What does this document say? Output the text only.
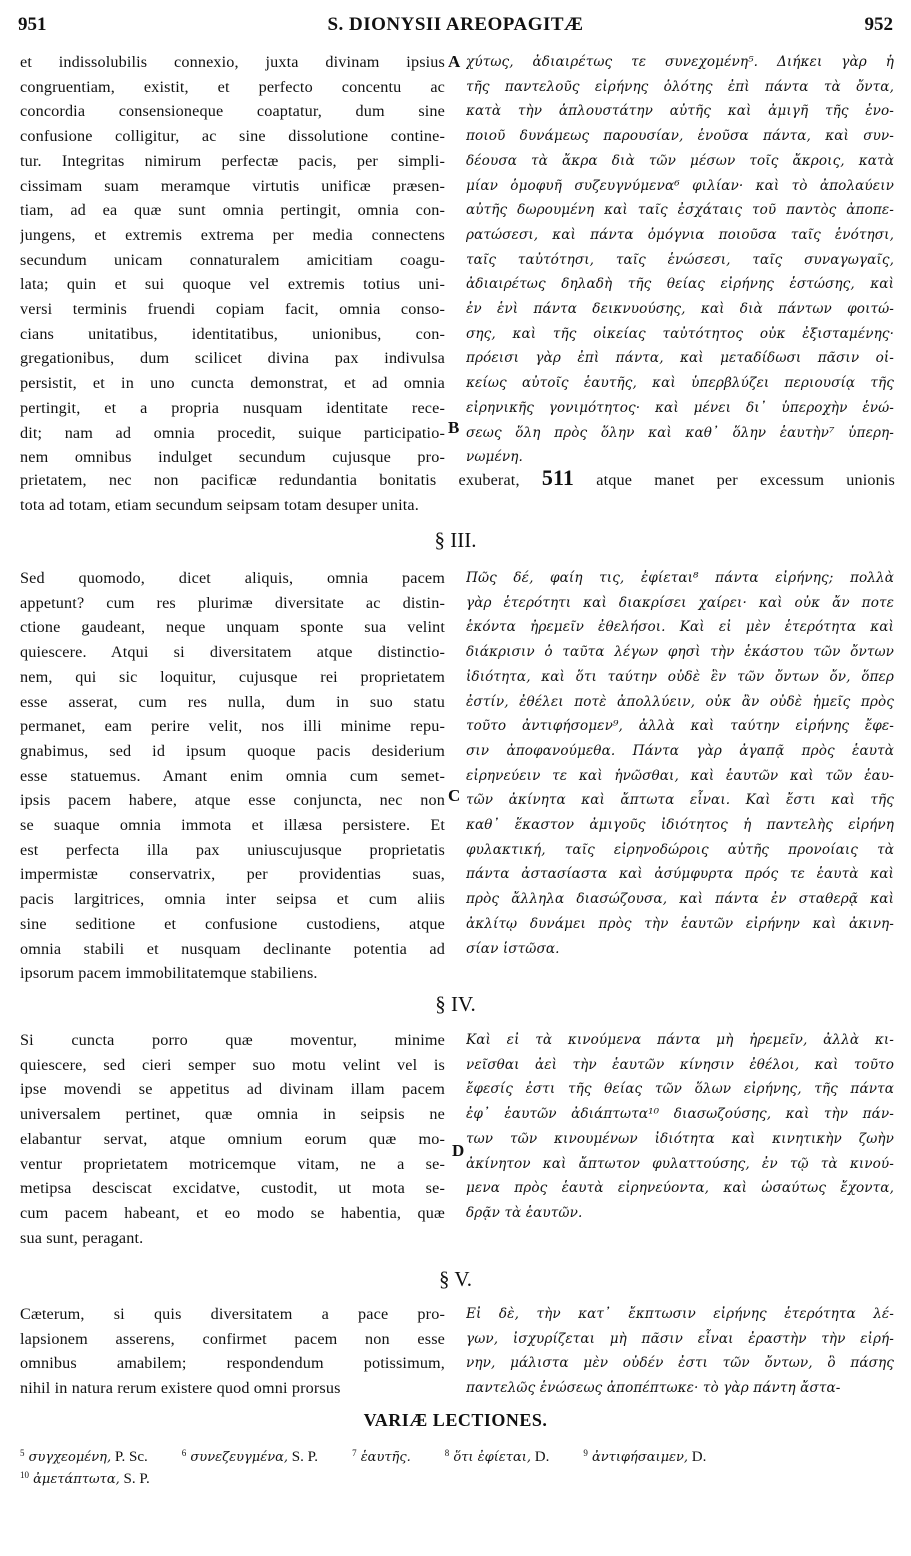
951	S. DIONYSII AREOPAGITÆ	952
et indissolubilis connexio, juxta divinam ipsius
congruentiam, existit, et perfecto concentu ac
concordia consensioneque coaptatur, dum sine
confusione colligitur, ac sine dissolutione contine-
tur. Integritas nimirum perfectæ pacis, per simpli-
cissimam suam meramque virtutis unificæ præsen-
tiam, ad ea quæ sunt omnia pertingit, omnia con-
jungens, et extremis extrema per media connectens
secundum unicam connaturalem amicitiam coagu-
lata; quin et sui quoque vel extremis totius uni-
versi terminis fruendi copiam facit, omnia conso-
cians unitatibus, identitatibus, unionibus, con-
gregationibus, dum scilicet divina pax indivulsa
persistit, et in uno cuncta demonstrat, et ad omnia
pertingit, et a propria nusquam identitate rece-
dit; nam ad omnia procedit, suique participatio-
nem omnibus indulget secundum cujusque pro-
χύτως, ἀδιαιρέτως τε συνεχομένη⁵. Διήκει γὰρ ἡ
τῆς παντελοῦς εἰρήνης ὁλότης ἐπὶ πάντα τὰ ὄντα,
κατὰ τὴν ἁπλουστάτην αὐτῆς καὶ ἀμιγῆ τῆς ἑνο-
ποιοῦ δυνάμεως παρουσίαν, ἑνοῦσα πάντα, καὶ συν-
δέουσα τὰ ἄκρα διὰ τῶν μέσων τοῖς ἄκροις, κατὰ
μίαν ὁμοφυῆ συζευγνύμενα⁶ φιλίαν· καὶ τὸ ἀπολαύειν
αὐτῆς δωρουμένη καὶ ταῖς ἐσχάταις τοῦ παντὸς ἀποπε-
ρατώσεσι, καὶ πάντα ὁμόγνια ποιοῦσα ταῖς ἑνότησι,
ταῖς ταὐτότησι, ταῖς ἑνώσεσι, ταῖς συναγωγαῖς,
ἀδιαιρέτως δηλαδὴ τῆς θείας εἰρήνης ἑστώσης, καὶ
ἐν ἑνὶ πάντα δεικνυούσης, καὶ διὰ πάντων φοιτώ-
σης, καὶ τῆς οἰκείας ταὐτότητος οὐκ ἐξισταμένης·
πρόεισι γὰρ ἐπὶ πάντα, καὶ μεταδίδωσι πᾶσιν οἰ-
κείως αὐτοῖς ἑαυτῆς, καὶ ὑπερβλύζει περιουσίᾳ τῆς
εἰρηνικῆς γονιμότητος· καὶ μένει δι᾽ ὑπεροχὴν ἑνώ-
σεως ὅλη πρὸς ὅλην καὶ καθ᾽ ὅλην ἑαυτὴν⁷ ὑπερη-
νωμένη.
A
B
prietatem, nec non pacificæ redundantia bonitatis exuberat, 511 atque manet per excessum unionis
tota ad totam, etiam secundum seipsam totam desuper unita.
§ III.
Sed quomodo, dicet aliquis, omnia pacem
appetunt? cum res plurimæ diversitate ac distin-
ctione gaudeant, neque unquam sponte sua velint
quiescere. Atqui si diversitatem atque distinctio-
nem, qui sic loquitur, cujusque rei proprietatem
esse asserat, cum res nulla, dum in suo statu
permanet, eam perire velit, nos illi minime repu-
gnabimus, sed id ipsum quoque pacis desiderium
esse statuemus. Amant enim omnia cum semet-
ipsis pacem habere, atque esse conjuncta, nec non
se suaque omnia immota et illæsa persistere. Et
est perfecta illa pax uniuscujusque proprietatis
impermistæ conservatrix, per providentias suas,
pacis largitrices, omnia inter seipsa et cum aliis
sine seditione et confusione custodiens, atque
omnia stabili et nusquam declinante potentia ad
ipsorum pacem immobilitatemque stabiliens.
Πῶς δέ, φαίη τις, ἐφίεται⁸ πάντα εἰρήνης; πολλὰ
γὰρ ἑτερότητι καὶ διακρίσει χαίρει· καὶ οὐκ ἄν ποτε
ἑκόντα ἠρεμεῖν ἐθελήσοι. Καὶ εἰ μὲν ἑτερότητα καὶ
διάκρισιν ὁ ταῦτα λέγων φησὶ τὴν ἑκάστου τῶν ὄντων
ἰδιότητα, καὶ ὅτι ταύτην οὐδὲ ἓν τῶν ὄντων ὄν, ὅπερ
ἐστίν, ἐθέλει ποτὲ ἀπολλύειν, οὐκ ἂν οὐδὲ ἡμεῖς πρὸς
τοῦτο ἀντιφήσομεν⁹, ἀλλὰ καὶ ταύτην εἰρήνης ἔφε-
σιν ἀποφανούμεθα. Πάντα γὰρ ἀγαπᾷ πρὸς ἑαυτὰ
εἰρηνεύειν τε καὶ ἡνῶσθαι, καὶ ἑαυτῶν καὶ τῶν ἑαυ-
τῶν ἀκίνητα καὶ ἄπτωτα εἶναι. Καὶ ἔστι καὶ τῆς
καθ᾽ ἕκαστον ἀμιγοῦς ἰδιότητος ἡ παντελὴς εἰρήνη
φυλακτική, ταῖς εἰρηνοδώροις αὐτῆς προνοίαις τὰ
πάντα ἀστασίαστα καὶ ἀσύμφυρτα πρός τε ἑαυτὰ καὶ
πρὸς ἄλληλα διασώζουσα, καὶ πάντα ἐν σταθερᾷ καὶ
ἀκλίτῳ δυνάμει πρὸς τὴν ἑαυτῶν εἰρήνην καὶ ἀκινη-
σίαν ἱστῶσα.
C
§ IV.
Si cuncta porro quæ moventur, minime
quiescere, sed cieri semper suo motu velint vel is
ipse movendi se appetitus ad divinam illam pacem
universalem pertinet, quæ omnia in seipsis ne
elabantur servat, atque omnium eorum quæ mo-
ventur proprietatem motricemque vitam, ne a se-
metipsa desciscat excidatve, custodit, ut mota se-
cum pacem habeant, et eo modo se habentia, quæ
sua sunt, peragant.
Καὶ εἰ τὰ κινούμενα πάντα μὴ ἠρεμεῖν, ἀλλὰ κι-
νεῖσθαι ἀεὶ τὴν ἑαυτῶν κίνησιν ἐθέλοι, καὶ τοῦτο
ἔφεσίς ἐστι τῆς θείας τῶν ὅλων εἰρήνης, τῆς πάντα
ἐφ᾽ ἑαυτῶν ἀδιάπτωτα¹⁰ διασωζούσης, καὶ τὴν πάν-
των τῶν κινουμένων ἰδιότητα καὶ κινητικὴν ζωὴν
ἀκίνητον καὶ ἄπτωτον φυλαττούσης, ἐν τῷ τὰ κινού-
μενα πρὸς ἑαυτὰ εἰρηνεύοντα, καὶ ὡσαύτως ἔχοντα,
δρᾷν τὰ ἑαυτῶν.
D
§ V.
Cæterum, si quis diversitatem a pace pro-
lapsionem asserens, confirmet pacem non esse
omnibus amabilem; respondendum potissimum,
nihil in natura rerum existere quod omni prorsus
Εἰ δὲ, τὴν κατ᾽ ἔκπτωσιν εἰρήνης ἑτερότητα λέ-
γων, ἰσχυρίζεται μὴ πᾶσιν εἶναι ἐραστὴν τὴν εἰρή-
νην, μάλιστα μὲν οὐδέν ἐστι τῶν ὄντων, ὃ πάσης
παντελῶς ἑνώσεως ἀποπέπτωκε· τὸ γὰρ πάντη ἄστα-
VARIÆ LECTIONES.
$^5$ συγχεομένη, P. Sc.	$^6$ συνεζευγμένα, S. P.	$^7$ ἑαυτῆς.	$^8$ ὅτι ἐφίεται, D.	$^9$ ἀντιφήσαιμεν, D.
$^{10}$ ἀμετάπτωτα, S. P.
